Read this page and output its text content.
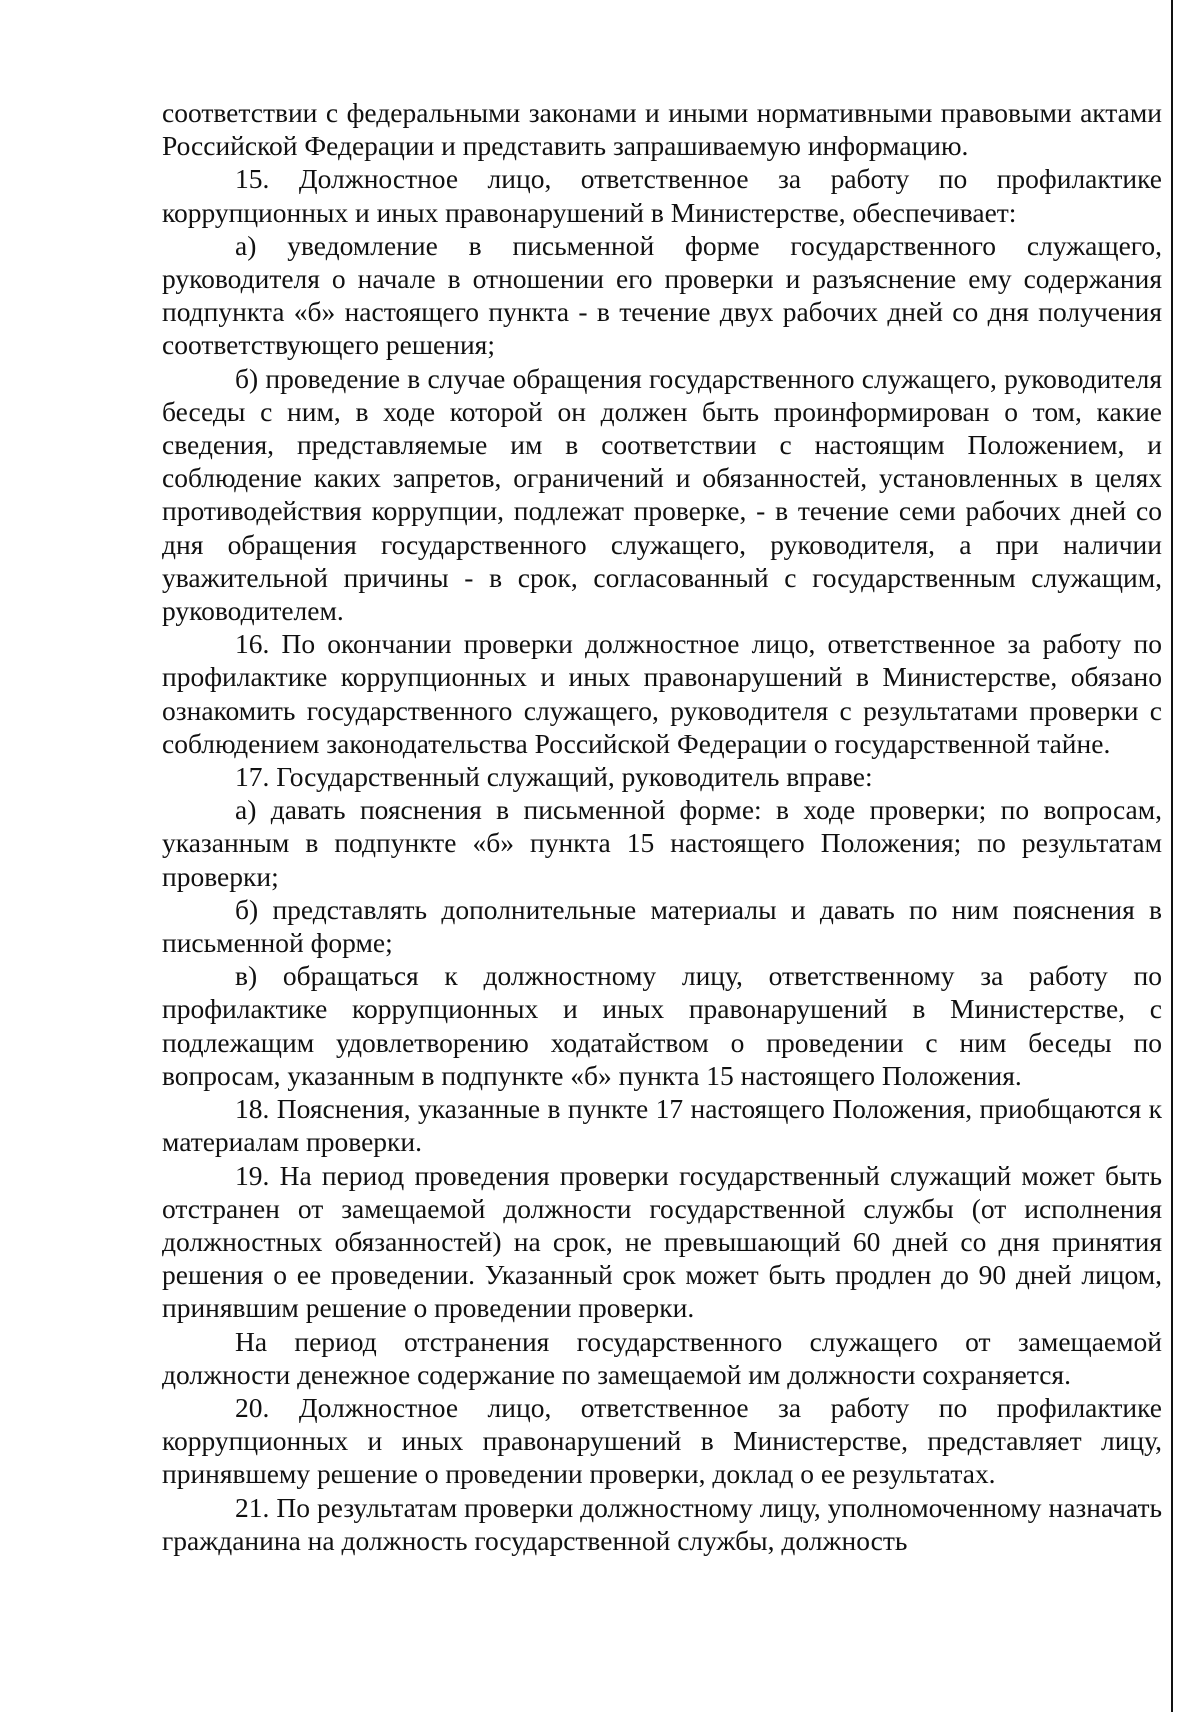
соответствии с федеральными законами и иными нормативными правовыми актами Российской Федерации и представить запрашиваемую информацию.

15. Должностное лицо, ответственное за работу по профилактике коррупционных и иных правонарушений в Министерстве, обеспечивает:

а) уведомление в письменной форме государственного служащего, руководителя о начале в отношении его проверки и разъяснение ему содержания подпункта «б» настоящего пункта - в течение двух рабочих дней со дня получения соответствующего решения;

б) проведение в случае обращения государственного служащего, руководителя беседы с ним, в ходе которой он должен быть проинформирован о том, какие сведения, представляемые им в соответствии с настоящим Положением, и соблюдение каких запретов, ограничений и обязанностей, установленных в целях противодействия коррупции, подлежат проверке, - в течение семи рабочих дней со дня обращения государственного служащего, руководителя, а при наличии уважительной причины - в срок, согласованный с государственным служащим, руководителем.

16. По окончании проверки должностное лицо, ответственное за работу по профилактике коррупционных и иных правонарушений в Министерстве, обязано ознакомить государственного служащего, руководителя с результатами проверки с соблюдением законодательства Российской Федерации о государственной тайне.

17. Государственный служащий, руководитель вправе:

а) давать пояснения в письменной форме: в ходе проверки; по вопросам, указанным в подпункте «б» пункта 15 настоящего Положения; по результатам проверки;

б) представлять дополнительные материалы и давать по ним пояснения в письменной форме;

в) обращаться к должностному лицу, ответственному за работу по профилактике коррупционных и иных правонарушений в Министерстве, с подлежащим удовлетворению ходатайством о проведении с ним беседы по вопросам, указанным в подпункте «б» пункта 15 настоящего Положения.

18. Пояснения, указанные в пункте 17 настоящего Положения, приобщаются к материалам проверки.

19. На период проведения проверки государственный служащий может быть отстранен от замещаемой должности государственной службы (от исполнения должностных обязанностей) на срок, не превышающий 60 дней со дня принятия решения о ее проведении. Указанный срок может быть продлен до 90 дней лицом, принявшим решение о проведении проверки.

На период отстранения государственного служащего от замещаемой должности денежное содержание по замещаемой им должности сохраняется.

20. Должностное лицо, ответственное за работу по профилактике коррупционных и иных правонарушений в Министерстве, представляет лицу, принявшему решение о проведении проверки, доклад о ее результатах.

21. По результатам проверки должностному лицу, уполномоченному назначать гражданина на должность государственной службы, должность
